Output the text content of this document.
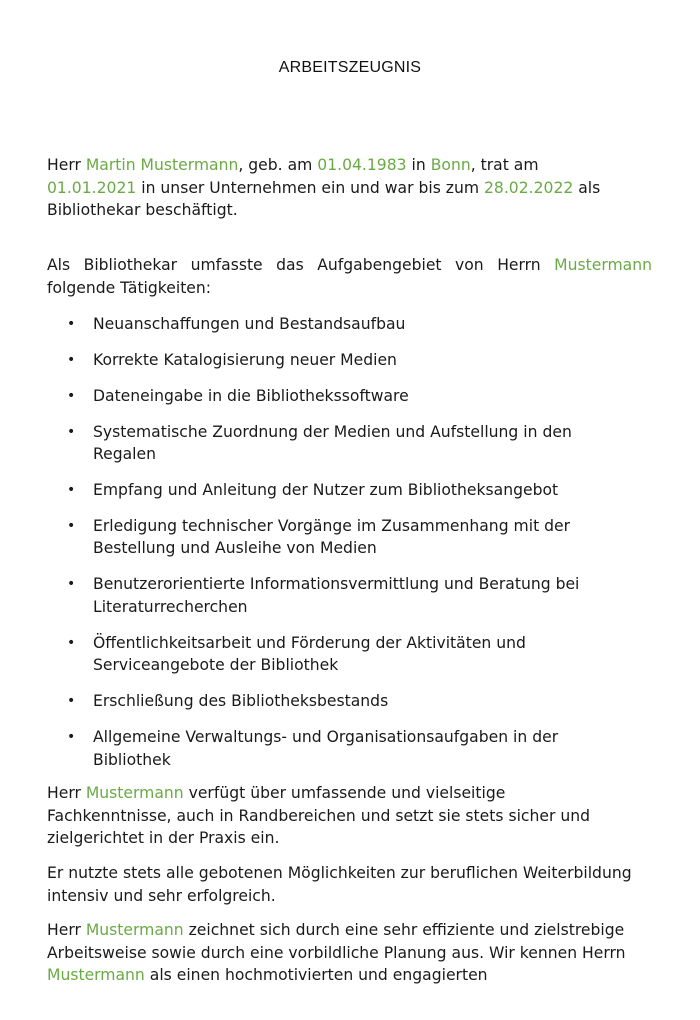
ARBEITSZEUGNIS
Herr Martin Mustermann, geb. am 01.04.1983 in Bonn, trat am
01.01.2021 in unser Unternehmen ein und war bis zum 28.02.2022 als
Bibliothekar beschäftigt.
Als Bibliothekar umfasste das Aufgabengebiet von Herrn Mustermann
folgende Tätigkeiten:
• Neuanschaffungen und Bestandsaufbau
• Korrekte Katalogisierung neuer Medien
• Dateneingabe in die Bibliothekssoftware
• Systematische Zuordnung der Medien und Aufstellung in den
Regalen
• Empfang und Anleitung der Nutzer zum Bibliotheksangebot
• Erledigung technischer Vorgänge im Zusammenhang mit der
Bestellung und Ausleihe von Medien
• Benutzerorientierte Informationsvermittlung und Beratung bei
Literaturrecherchen
• Öffentlichkeitsarbeit und Förderung der Aktivitäten und
Serviceangebote der Bibliothek
• Erschließung des Bibliotheksbestands
• Allgemeine Verwaltungs- und Organisationsaufgaben in der
Bibliothek
Herr Mustermann verfügt über umfassende und vielseitige
Fachkenntnisse, auch in Randbereichen und setzt sie stets sicher und
zielgerichtet in der Praxis ein.
Er nutzte stets alle gebotenen Möglichkeiten zur beruflichen Weiterbildung
intensiv und sehr erfolgreich.
Herr Mustermann zeichnet sich durch eine sehr effiziente und zielstrebige
Arbeitsweise sowie durch eine vorbildliche Planung aus. Wir kennen Herrn
Mustermann als einen hochmotivierten und engagierten
